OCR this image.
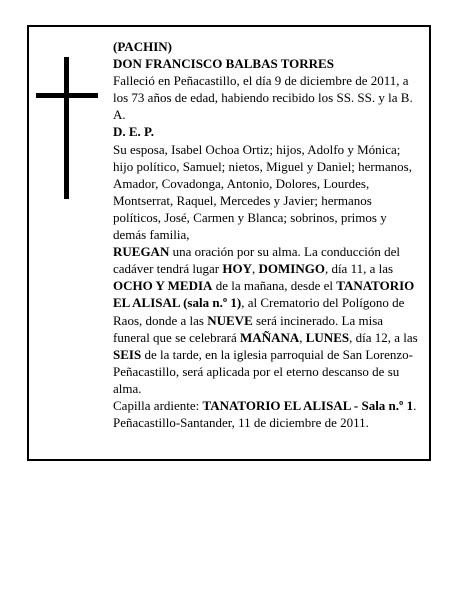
(PACHIN)

DON FRANCISCO BALBAS TORRES

Falleció en Peñacastillo, el día 9 de diciembre de 2011, a los 73 años de edad, habiendo recibido los SS. SS. y la B. A.

D. E. P.

Su esposa, Isabel Ochoa Ortiz; hijos, Adolfo y Mónica; hijo político, Samuel; nietos, Miguel y Daniel; hermanos, Amador, Covadonga, Antonio, Dolores, Lourdes, Montserrat, Raquel, Mercedes y Javier; hermanos políticos, José, Carmen y Blanca; sobrinos, primos y demás familia,

RUEGAN una oración por su alma. La conducción del cadáver tendrá lugar HOY, DOMINGO, día 11, a las OCHO Y MEDIA de la mañana, desde el TANATORIO EL ALISAL (sala n.º 1), al Crematorio del Polígono de Raos, donde a las NUEVE será incinerado. La misa funeral que se celebrará MAÑANA, LUNES, día 12, a las SEIS de la tarde, en la iglesia parroquial de San Lorenzo-Peñacastillo, será aplicada por el eterno descanso de su alma.

Capilla ardiente: TANATORIO EL ALISAL - Sala n.º 1.

Peñacastillo-Santander, 11 de diciembre de 2011.
